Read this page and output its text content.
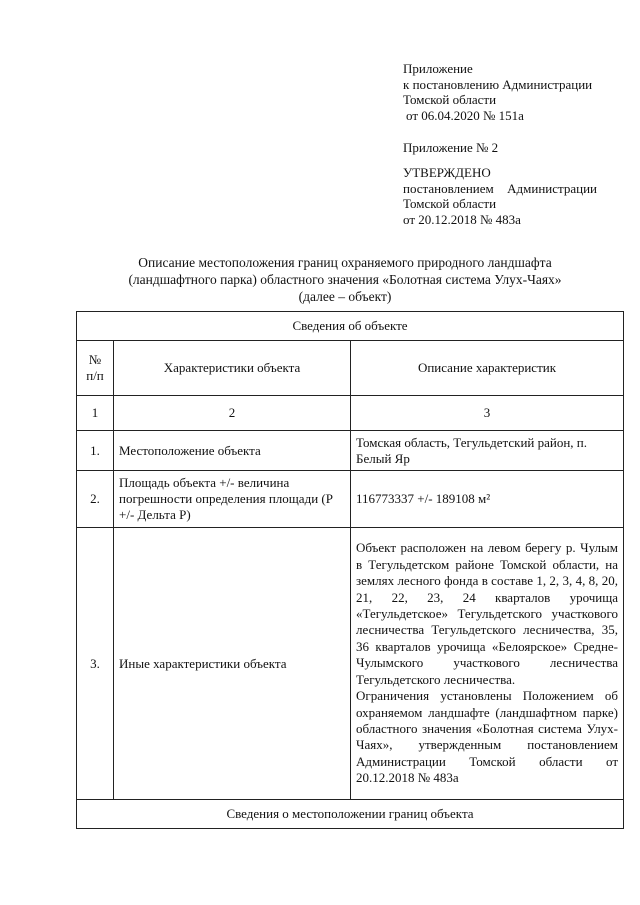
Приложение
к постановлению Администрации
Томской области
от 06.04.2020 № 151а
Приложение № 2
УТВЕРЖДЕНО
постановлением Администрации
Томской области
от 20.12.2018 № 483а
Описание местоположения границ охраняемого природного ландшафта
(ландшафтного парка) областного значения «Болотная система Улух-Чаях»
(далее – объект)
Сведения об объекте		
№ п/п	Характеристики объекта	Описание характеристик
1	2	3
1.	Местоположение объекта	Томская область, Тегульдетский район, п. Белый Яр
2.	Площадь объекта +/- величина погрешности определения площади (Р +/- Дельта Р)	116773337 +/- 189108 м²
3.	Иные характеристики объекта	Объект расположен на левом берегу р. Чулым в Тегульдетском районе Томской области, на землях лесного фонда в составе 1, 2, 3, 4, 8, 20, 21, 22, 23, 24 кварталов урочища «Тегульдетское» Тегульдетского участкового лесничества Тегульдетского лесничества, 35, 36 кварталов урочища «Белоярское» Средне-Чулымского участкового лесничества Тегульдетского лесничества.
Ограничения установлены Положением об охраняемом ландшафте (ландшафтном парке) областного значения «Болотная система Улух-Чаях», утвержденным постановлением Администрации Томской области от 20.12.2018 № 483а

Сведения о местоположении границ объекта		
